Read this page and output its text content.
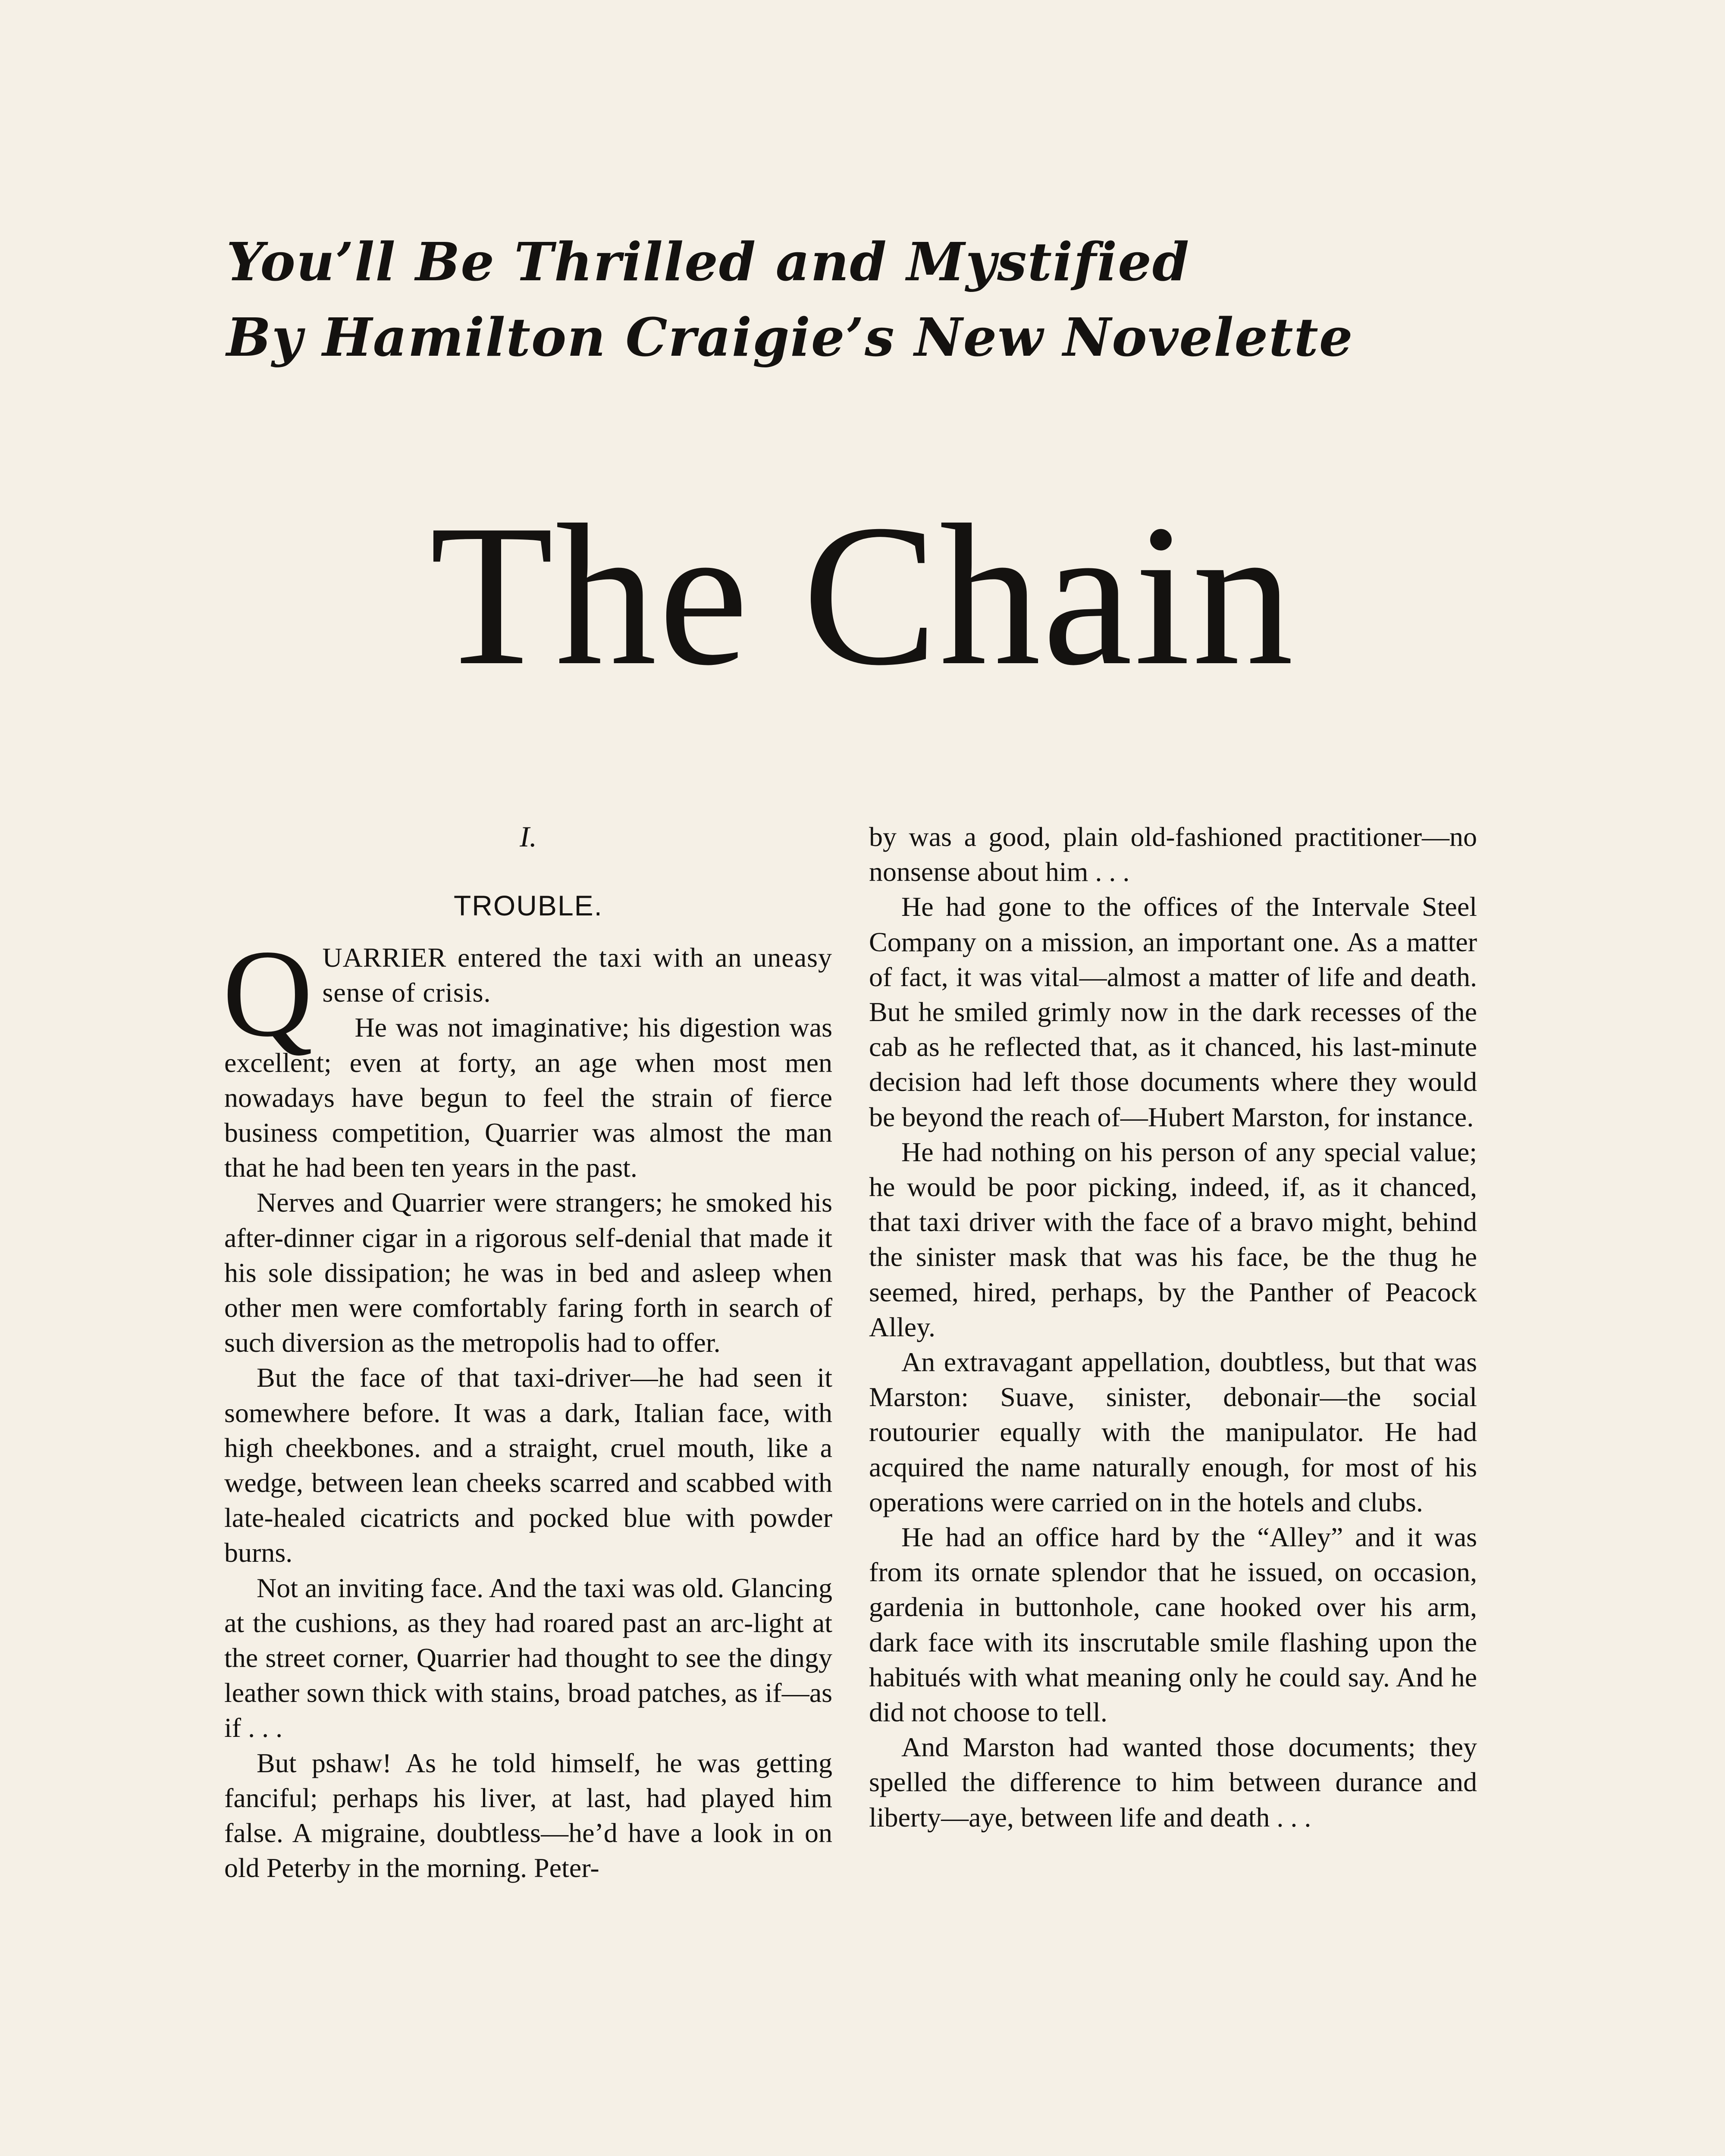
You’ll Be Thrilled and Mystified
By Hamilton Craigie’s New Novelette
The Chain
I.
TROUBLE.

QUARRIER entered the taxi with an uneasy sense of crisis.

He was not imaginative; his digestion was excellent; even at forty, an age when most men nowadays have begun to feel the strain of fierce business competition, Quarrier was almost the man that he had been ten years in the past.

Nerves and Quarrier were strangers; he smoked his after-dinner cigar in a rigorous self-denial that made it his sole dissipation; he was in bed and asleep when other men were comfortably faring forth in search of such diversion as the metropolis had to offer.

But the face of that taxi-driver—he had seen it somewhere before. It was a dark, Italian face, with high cheekbones. and a straight, cruel mouth, like a wedge, between lean cheeks scarred and scabbed with late-healed cicatricts and pocked blue with powder burns.

Not an inviting face. And the taxi was old. Glancing at the cushions, as they had roared past an arc-light at the street corner, Quarrier had thought to see the dingy leather sown thick with stains, broad patches, as if—as if . . .

But pshaw! As he told himself, he was getting fanciful; perhaps his liver, at last, had played him false. A migraine, doubtless—he’d have a look in on old Peterby in the morning. Peter-

by was a good, plain old-fashioned practitioner—no nonsense about him . . .

He had gone to the offices of the Intervale Steel Company on a mission, an important one. As a matter of fact, it was vital—almost a matter of life and death. But he smiled grimly now in the dark recesses of the cab as he reflected that, as it chanced, his last-minute decision had left those documents where they would be beyond the reach of—Hubert Marston, for instance.

He had nothing on his person of any special value; he would be poor picking, indeed, if, as it chanced, that taxi driver with the face of a bravo might, behind the sinister mask that was his face, be the thug he seemed, hired, perhaps, by the Panther of Peacock Alley.

An extravagant appellation, doubtless, but that was Marston: Suave, sinister, debonair—the social routourier equally with the manipulator. He had acquired the name naturally enough, for most of his operations were carried on in the hotels and clubs.

He had an office hard by the “Alley” and it was from its ornate splendor that he issued, on occasion, gardenia in buttonhole, cane hooked over his arm, dark face with its inscrutable smile flashing upon the habitués with what meaning only he could say. And he did not choose to tell.

And Marston had wanted those documents; they spelled the difference to him between durance and liberty—aye, between life and death . . .
